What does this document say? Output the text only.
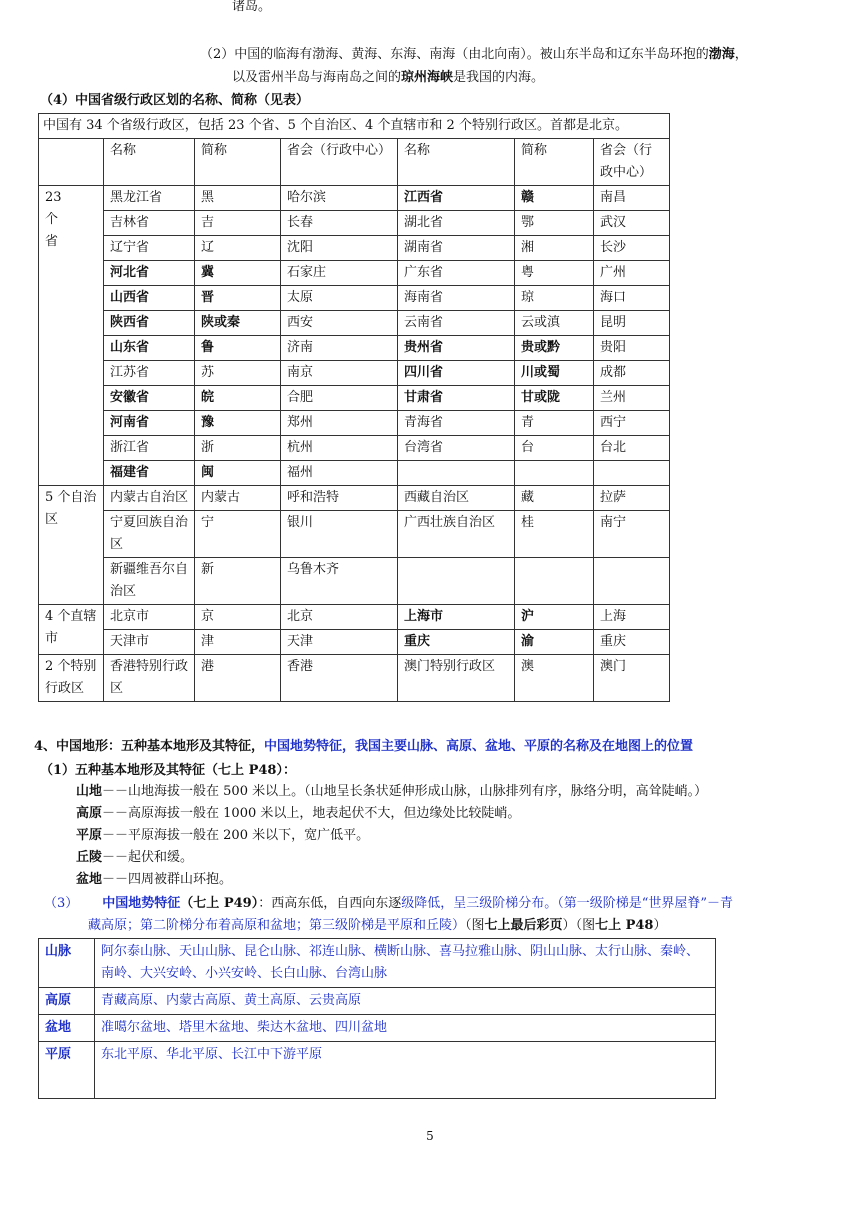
诸岛。
（2）中国的临海有渤海、黄海、东海、南海（由北向南）。被山东半岛和辽东半岛环抱的渤海，
以及雷州半岛与海南岛之间的琼州海峡是我国的内海。
（4）中国省级行政区划的名称、简称（见表）
中国有 34 个省级行政区，包括 23 个省、5 个自治区、4 个直辖市和 2 个特别行政区。首都是北京。						
	名称	简称	省会（行政中心）	名称	简称	省会（行政中心）
23
个
省	黑龙江省	黑	哈尔滨	江西省	赣	南昌
	吉林省	吉	长春	湖北省	鄂	武汉
	辽宁省	辽	沈阳	湖南省	湘	长沙
	河北省	冀	石家庄	广东省	粤	广州
	山西省	晋	太原	海南省	琼	海口
	陕西省	陕或秦	西安	云南省	云或滇	昆明
	山东省	鲁	济南	贵州省	贵或黔	贵阳
	江苏省	苏	南京	四川省	川或蜀	成都
	安徽省	皖	合肥	甘肃省	甘或陇	兰州
	河南省	豫	郑州	青海省	青	西宁
	浙江省	浙	杭州	台湾省	台	台北
	福建省	闽	福州			
5 个自治区	内蒙古自治区	内蒙古	呼和浩特	西藏自治区	藏	拉萨
	宁夏回族自治区	宁	银川	广西壮族自治区	桂	南宁
	新疆维吾尔自治区	新	乌鲁木齐			
4 个直辖市	北京市	京	北京	上海市	沪	上海
	天津市	津	天津	重庆	渝	重庆
2 个特别行政区	香港特别行政区	港	香港	澳门特别行政区	澳	澳门
4、中国地形：五种基本地形及其特征，中国地势特征，我国主要山脉、高原、盆地、平原的名称及在地图上的位置
（1）五种基本地形及其特征（七上 P48）：
山地－－山地海拔一般在 500 米以上。（山地呈长条状延伸形成山脉，山脉排列有序，脉络分明，高耸陡峭。）
高原－－高原海拔一般在 1000 米以上，地表起伏不大，但边缘处比较陡峭。
平原－－平原海拔一般在 200 米以下，宽广低平。
丘陵－－起伏和缓。
盆地－－四周被群山环抱。
（3） 中国地势特征（七上 P49）：西高东低，自西向东逐级降低，呈三级阶梯分布。（第一级阶梯是“世界屋脊”－青
藏高原；第二阶梯分布着高原和盆地；第三级阶梯是平原和丘陵）（图七上最后彩页）（图七上 P48）
山脉	阿尔泰山脉、天山山脉、昆仑山脉、祁连山脉、横断山脉、喜马拉雅山脉、阴山山脉、太行山脉、秦岭、南岭、大兴安岭、小兴安岭、长白山脉、台湾山脉
高原	青藏高原、内蒙古高原、黄土高原、云贵高原
盆地	准噶尔盆地、塔里木盆地、柴达木盆地、四川盆地
平原	东北平原、华北平原、长江中下游平原
5
